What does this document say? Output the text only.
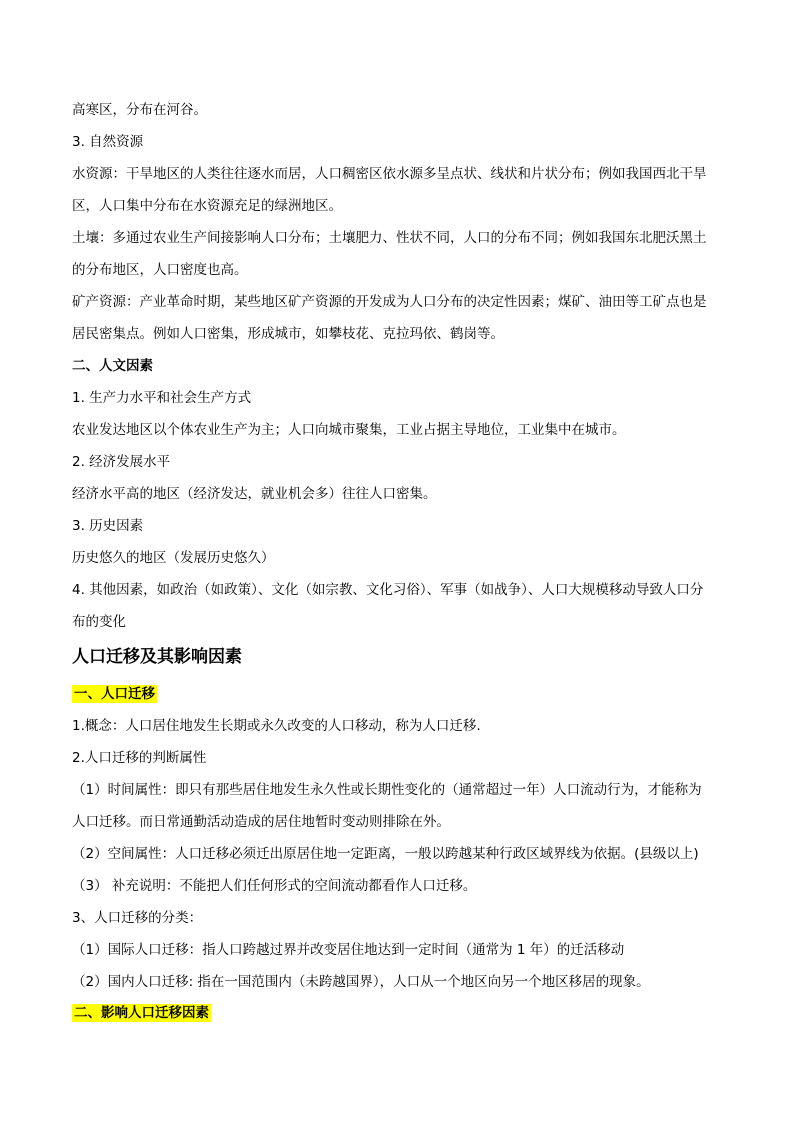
高寒区，分布在河谷。
3. 自然资源
水资源：干旱地区的人类往往逐水而居，人口稠密区依水源多呈点状、线状和片状分布；例如我国西北干旱
区，人口集中分布在水资源充足的绿洲地区。
土壤：多通过农业生产间接影响人口分布；土壤肥力、性状不同，人口的分布不同；例如我国东北肥沃黑土
的分布地区，人口密度也高。
矿产资源：产业革命时期，某些地区矿产资源的开发成为人口分布的决定性因素；煤矿、油田等工矿点也是
居民密集点。例如人口密集，形成城市，如攀枝花、克拉玛依、鹤岗等。
二、人文因素
1. 生产力水平和社会生产方式
农业发达地区以个体农业生产为主；人口向城市聚集，工业占据主导地位，工业集中在城市。
2. 经济发展水平
经济水平高的地区（经济发达，就业机会多）往往人口密集。
3. 历史因素
历史悠久的地区（发展历史悠久）
4. 其他因素，如政治（如政策）、文化（如宗教、文化习俗）、军事（如战争）、人口大规模移动导致人口分
布的变化
人口迁移及其影响因素
一、人口迁移
1.概念：人口居住地发生长期或永久改变的人口移动，称为人口迁移.
2.人口迁移的判断属性
（1）时间属性：即只有那些居住地发生永久性或长期性变化的（通常超过一年）人口流动行为，才能称为
人口迁移。而日常通勤活动造成的居住地暂时变动则排除在外。
（2）空间属性：人口迁移必须迁出原居住地一定距离，一般以跨越某种行政区域界线为依据。(县级以上)
（3） 补充说明：不能把人们任何形式的空间流动都看作人口迁移。
3、人口迁移的分类：
（1）国际人口迁移：指人口跨越过界并改变居住地达到一定时间（通常为 1 年）的迁活移动
（2）国内人口迁移: 指在一国范围内（未跨越国界），人口从一个地区向另一个地区移居的现象。
二、影响人口迁移因素
